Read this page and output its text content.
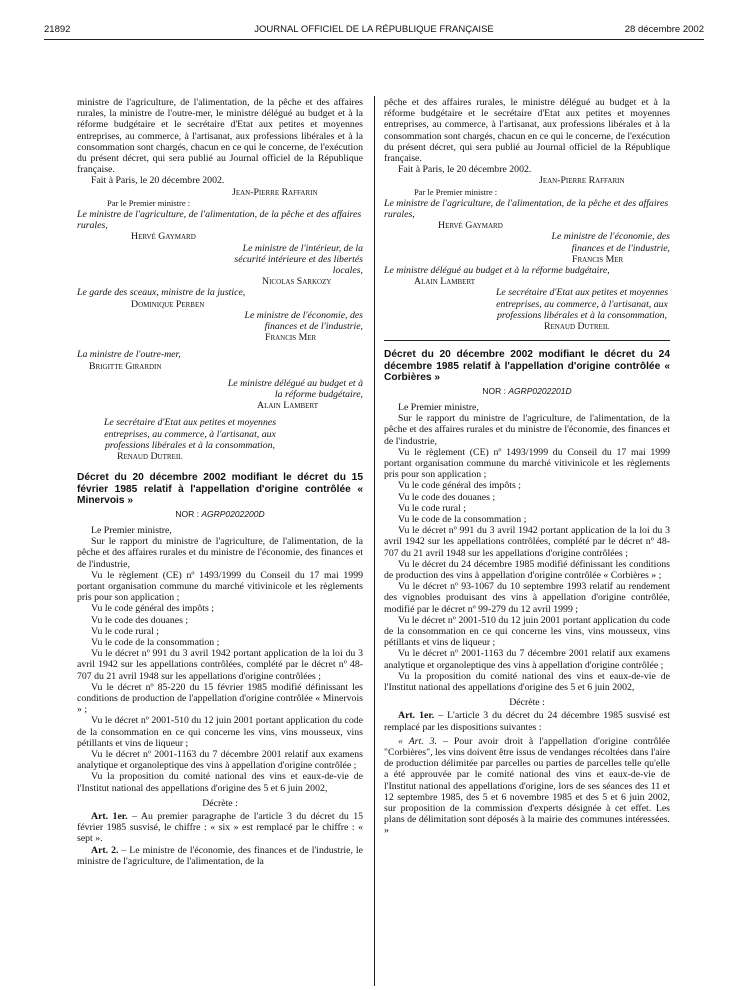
21892	JOURNAL OFFICIEL DE LA RÉPUBLIQUE FRANÇAISE	28 décembre 2002

ministre de l'agriculture, de l'alimentation, de la pêche et des affaires rurales, la ministre de l'outre-mer, le ministre délégué au budget et à la réforme budgétaire et le secrétaire d'Etat aux petites et moyennes entreprises, au commerce, à l'artisanat, aux professions libérales et à la consommation sont chargés, chacun en ce qui le concerne, de l'exécution du présent décret, qui sera publié au Journal officiel de la République française.

Fait à Paris, le 20 décembre 2002.

Jean-Pierre Raffarin

Par le Premier ministre :

Le ministre de l'agriculture, de l'alimentation, de la pêche et des affaires rurales,

Hervé Gaymard

Le ministre de l'intérieur, de la sécurité intérieure et des libertés locales,

Nicolas Sarkozy

Le garde des sceaux, ministre de la justice,

Dominique Perben

Le ministre de l'économie, des finances et de l'industrie,

Francis Mer

La ministre de l'outre-mer,

Brigitte Girardin

Le ministre délégué au budget et à la réforme budgétaire,

Alain Lambert

Le secrétaire d'Etat aux petites et moyennes entreprises, au commerce, à l'artisanat, aux professions libérales et à la consommation,

Renaud Dutreil

Décret du 20 décembre 2002 modifiant le décret du 15 février 1985 relatif à l'appellation d'origine contrôlée « Minervois »
NOR : AGRP0202200D

Le Premier ministre,

Sur le rapport du ministre de l'agriculture, de l'alimentation, de la pêche et des affaires rurales et du ministre de l'économie, des finances et de l'industrie,

Vu le règlement (CE) nº 1493/1999 du Conseil du 17 mai 1999 portant organisation commune du marché vitivinicole et les règlements pris pour son application ;

Vu le code général des impôts ;

Vu le code des douanes ;

Vu le code rural ;

Vu le code de la consommation ;

Vu le décret nº 991 du 3 avril 1942 portant application de la loi du 3 avril 1942 sur les appellations contrôlées, complété par le décret nº 48-707 du 21 avril 1948 sur les appellations d'origine contrôlées ;

Vu le décret nº 85-220 du 15 février 1985 modifié définissant les conditions de production de l'appellation d'origine contrôlée « Minervois » ;

Vu le décret nº 2001-510 du 12 juin 2001 portant application du code de la consommation en ce qui concerne les vins, vins mousseux, vins pétillants et vins de liqueur ;

Vu le décret nº 2001-1163 du 7 décembre 2001 relatif aux examens analytique et organoleptique des vins à appellation d'origine contrôlée ;

Vu la proposition du comité national des vins et eaux-de-vie de l'Institut national des appellations d'origine des 5 et 6 juin 2002,

Décrète :

Art. 1er. – Au premier paragraphe de l'article 3 du décret du 15 février 1985 susvisé, le chiffre : « six » est remplacé par le chiffre : « sept ».

Art. 2. – Le ministre de l'économie, des finances et de l'industrie, le ministre de l'agriculture, de l'alimentation, de la

pêche et des affaires rurales, le ministre délégué au budget et à la réforme budgétaire et le secrétaire d'Etat aux petites et moyennes entreprises, au commerce, à l'artisanat, aux professions libérales et à la consommation sont chargés, chacun en ce qui le concerne, de l'exécution du présent décret, qui sera publié au Journal officiel de la République française.

Fait à Paris, le 20 décembre 2002.

Jean-Pierre Raffarin

Par le Premier ministre :

Le ministre de l'agriculture, de l'alimentation, de la pêche et des affaires rurales,

Hervé Gaymard

Le ministre de l'économie, des finances et de l'industrie,

Francis Mer

Le ministre délégué au budget et à la réforme budgétaire,

Alain Lambert

Le secrétaire d'Etat aux petites et moyennes entreprises, au commerce, à l'artisanat, aux professions libérales et à la consommation,

Renaud Dutreil

Décret du 20 décembre 2002 modifiant le décret du 24 décembre 1985 relatif à l'appellation d'origine contrôlée « Corbières »
NOR : AGRP0202201D

Le Premier ministre,

Sur le rapport du ministre de l'agriculture, de l'alimentation, de la pêche et des affaires rurales et du ministre de l'économie, des finances et de l'industrie,

Vu le règlement (CE) nº 1493/1999 du Conseil du 17 mai 1999 portant organisation commune du marché vitivinicole et les règlements pris pour son application ;

Vu le code général des impôts ;

Vu le code des douanes ;

Vu le code rural ;

Vu le code de la consommation ;

Vu le décret nº 991 du 3 avril 1942 portant application de la loi du 3 avril 1942 sur les appellations contrôlées, complété par le décret nº 48-707 du 21 avril 1948 sur les appellations d'origine contrôlées ;

Vu le décret du 24 décembre 1985 modifié définissant les conditions de production des vins à appellation d'origine contrôlée « Corbières » ;

Vu le décret nº 93-1067 du 10 septembre 1993 relatif au rendement des vignobles produisant des vins à appellation d'origine contrôlée, modifié par le décret nº 99-279 du 12 avril 1999 ;

Vu le décret nº 2001-510 du 12 juin 2001 portant application du code de la consommation en ce qui concerne les vins, vins mousseux, vins pétillants et vins de liqueur ;

Vu le décret nº 2001-1163 du 7 décembre 2001 relatif aux examens analytique et organoleptique des vins à appellation d'origine contrôlée ;

Vu la proposition du comité national des vins et eaux-de-vie de l'Institut national des appellations d'origine des 5 et 6 juin 2002,

Décrète :

Art. 1er. – L'article 3 du décret du 24 décembre 1985 susvisé est remplacé par les dispositions suivantes :

« Art. 3. – Pour avoir droit à l'appellation d'origine contrôlée "Corbières", les vins doivent être issus de vendanges récoltées dans l'aire de production délimitée par parcelles ou parties de parcelles telle qu'elle a été approuvée par le comité national des vins et eaux-de-vie de l'Institut national des appellations d'origine, lors de ses séances des 11 et 12 septembre 1985, des 5 et 6 novembre 1985 et des 5 et 6 juin 2002, sur proposition de la commission d'experts désignée à cet effet. Les plans de délimitation sont déposés à la mairie des communes intéressées. »
